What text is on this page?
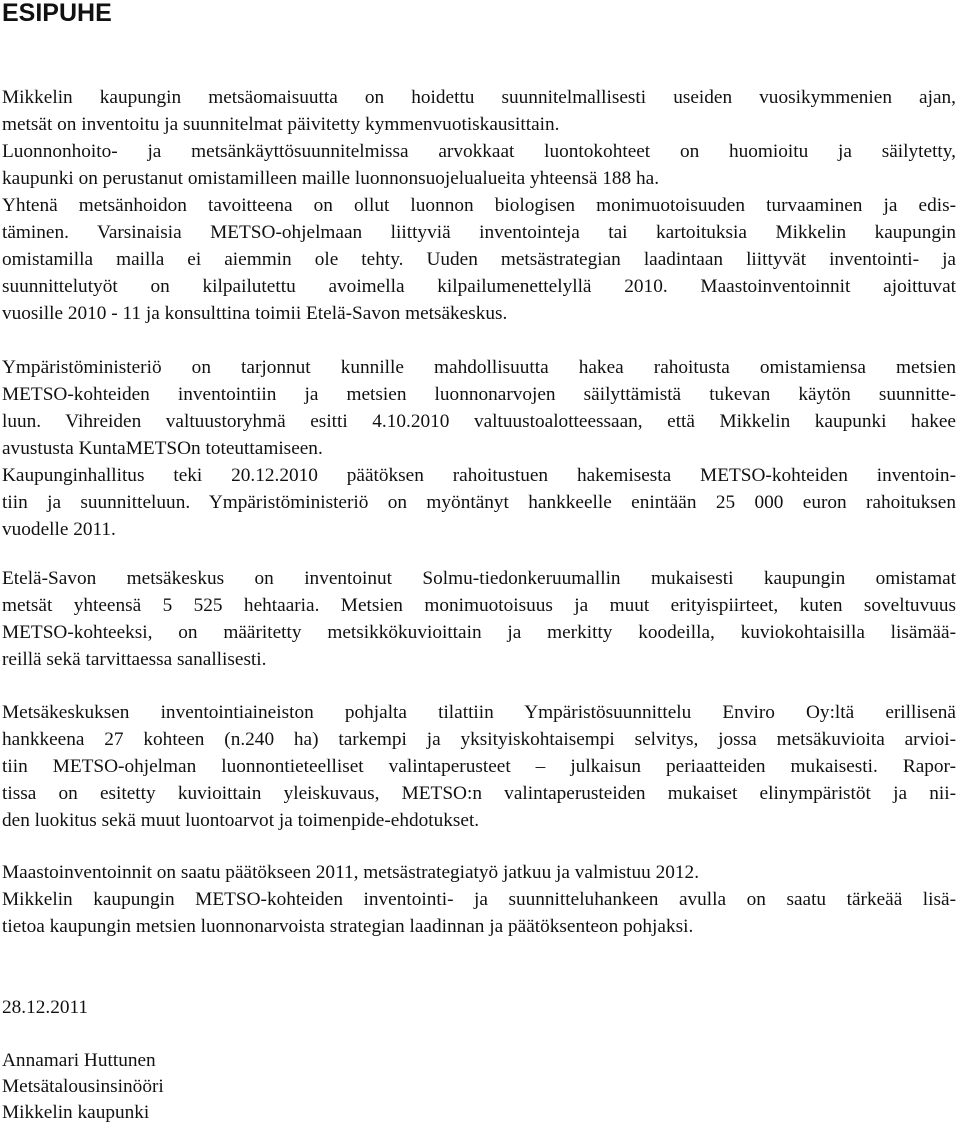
ESIPUHE

Mikkelin kaupungin metsäomaisuutta on hoidettu suunnitelmallisesti useiden vuosikymmenien ajan,

metsät on inventoitu ja suunnitelmat päivitetty kymmenvuotiskausittain.

Luonnonhoito- ja metsänkäyttösuunnitelmissa arvokkaat luontokohteet on huomioitu ja säilytetty,

kaupunki on perustanut omistamilleen maille luonnonsuojelualueita yhteensä 188 ha.

Yhtenä metsänhoidon tavoitteena on ollut luonnon biologisen monimuotoisuuden turvaaminen ja edis-

täminen. Varsinaisia METSO-ohjelmaan liittyviä inventointeja tai kartoituksia Mikkelin kaupungin

omistamilla mailla ei aiemmin ole tehty. Uuden metsästrategian laadintaan liittyvät inventointi- ja

suunnittelutyöt on kilpailutettu avoimella kilpailumenettelyllä 2010. Maastoinventoinnit ajoittuvat

vuosille 2010 - 11 ja konsulttina toimii Etelä-Savon metsäkeskus.

Ympäristöministeriö on tarjonnut kunnille mahdollisuutta hakea rahoitusta omistamiensa metsien

METSO-kohteiden inventointiin ja metsien luonnonarvojen säilyttämistä tukevan käytön suunnitte-

luun. Vihreiden valtuustoryhmä esitti 4.10.2010 valtuustoalotteessaan, että Mikkelin kaupunki hakee

avustusta KuntaMETSOn toteuttamiseen.

Kaupunginhallitus teki 20.12.2010 päätöksen rahoitustuen hakemisesta METSO-kohteiden inventoin-

tiin ja suunnitteluun. Ympäristöministeriö on myöntänyt hankkeelle enintään 25 000 euron rahoituksen

vuodelle 2011.

Etelä-Savon metsäkeskus on inventoinut Solmu-tiedonkeruumallin mukaisesti kaupungin omistamat

metsät yhteensä 5 525 hehtaaria. Metsien monimuotoisuus ja muut erityispiirteet, kuten soveltuvuus

METSO-kohteeksi, on määritetty metsikkökuvioittain ja merkitty koodeilla, kuviokohtaisilla lisämää-

reillä sekä tarvittaessa sanallisesti.

Metsäkeskuksen inventointiaineiston pohjalta tilattiin Ympäristösuunnittelu Enviro Oy:ltä erillisenä

hankkeena 27 kohteen (n.240 ha) tarkempi ja yksityiskohtaisempi selvitys, jossa metsäkuvioita arvioi-

tiin METSO-ohjelman luonnontieteelliset valintaperusteet – julkaisun periaatteiden mukaisesti. Rapor-

tissa on esitetty kuvioittain yleiskuvaus, METSO:n valintaperusteiden mukaiset elinympäristöt ja nii-

den luokitus sekä muut luontoarvot ja toimenpide-ehdotukset.

Maastoinventoinnit on saatu päätökseen 2011, metsästrategiatyö jatkuu ja valmistuu 2012.

Mikkelin kaupungin METSO-kohteiden inventointi- ja suunnitteluhankeen avulla on saatu tärkeää lisä-

tietoa kaupungin metsien luonnonarvoista strategian laadinnan ja päätöksenteon pohjaksi.

28.12.2011

Annamari Huttunen

Metsätalousinsinööri

Mikkelin kaupunki
